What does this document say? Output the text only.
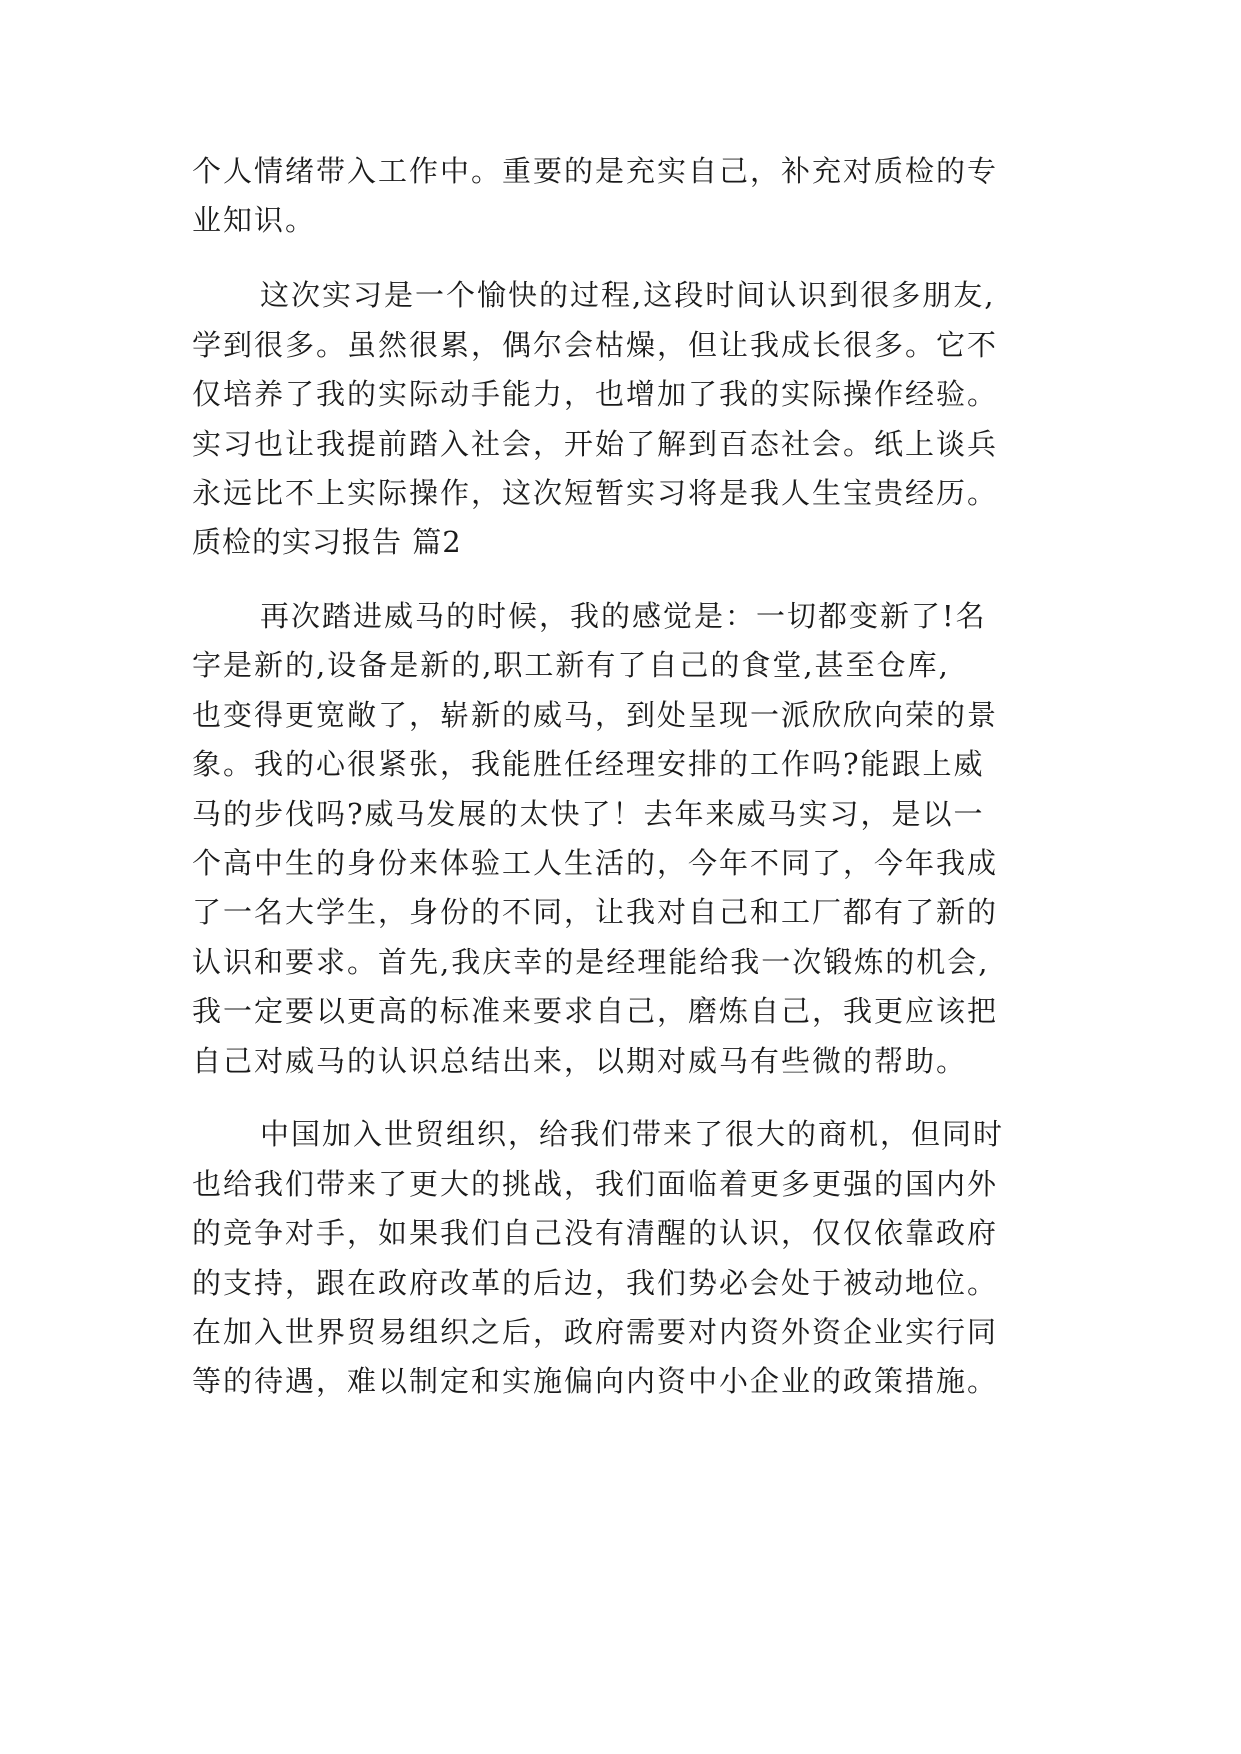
个人情绪带入工作中。重要的是充实自己，补充对质检的专

业知识。

这次实习是一个愉快的过程,这段时间认识到很多朋友,

学到很多。虽然很累，偶尔会枯燥，但让我成长很多。它不

仅培养了我的实际动手能力，也增加了我的实际操作经验。

实习也让我提前踏入社会，开始了解到百态社会。纸上谈兵

永远比不上实际操作，这次短暂实习将是我人生宝贵经历。

质检的实习报告 篇2

再次踏进威马的时候，我的感觉是：一切都变新了!名

字是新的,设备是新的,职工新有了自己的食堂,甚至仓库,

也变得更宽敞了，崭新的威马，到处呈现一派欣欣向荣的景

象。我的心很紧张，我能胜任经理安排的工作吗?能跟上威

马的步伐吗?威马发展的太快了！去年来威马实习，是以一

个高中生的身份来体验工人生活的，今年不同了，今年我成

了一名大学生，身份的不同，让我对自己和工厂都有了新的

认识和要求。首先,我庆幸的是经理能给我一次锻炼的机会,

我一定要以更高的标准来要求自己，磨炼自己，我更应该把

自己对威马的认识总结出来，以期对威马有些微的帮助。

中国加入世贸组织，给我们带来了很大的商机，但同时

也给我们带来了更大的挑战，我们面临着更多更强的国内外

的竞争对手，如果我们自己没有清醒的认识，仅仅依靠政府

的支持，跟在政府改革的后边，我们势必会处于被动地位。

在加入世界贸易组织之后，政府需要对内资外资企业实行同

等的待遇，难以制定和实施偏向内资中小企业的政策措施。
